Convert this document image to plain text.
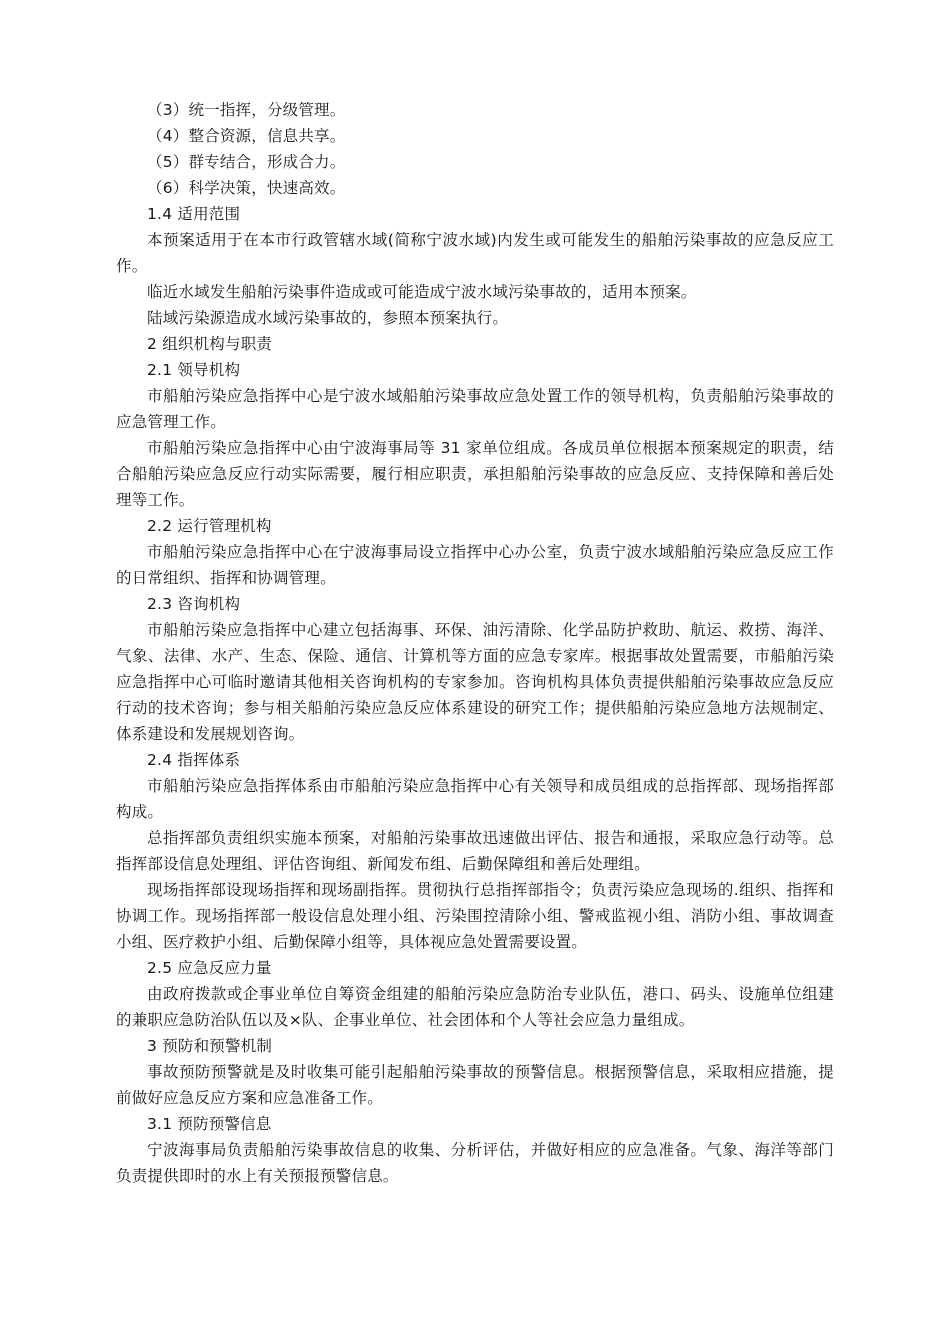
（3）统一指挥，分级管理。

（4）整合资源，信息共享。

（5）群专结合，形成合力。

（6）科学决策，快速高效。

1.4 适用范围

本预案适用于在本市行政管辖水域(简称宁波水域)内发生或可能发生的船舶污染事故的应急反应工作。

临近水域发生船舶污染事件造成或可能造成宁波水域污染事故的，适用本预案。

陆域污染源造成水域污染事故的，参照本预案执行。

2 组织机构与职责

2.1 领导机构

市船舶污染应急指挥中心是宁波水域船舶污染事故应急处置工作的领导机构，负责船舶污染事故的应急管理工作。

市船舶污染应急指挥中心由宁波海事局等 31 家单位组成。各成员单位根据本预案规定的职责，结合船舶污染应急反应行动实际需要，履行相应职责，承担船舶污染事故的应急反应、支持保障和善后处理等工作。

2.2 运行管理机构

市船舶污染应急指挥中心在宁波海事局设立指挥中心办公室，负责宁波水域船舶污染应急反应工作的日常组织、指挥和协调管理。

2.3 咨询机构

市船舶污染应急指挥中心建立包括海事、环保、油污清除、化学品防护救助、航运、救捞、海洋、气象、法律、水产、生态、保险、通信、计算机等方面的应急专家库。根据事故处置需要，市船舶污染应急指挥中心可临时邀请其他相关咨询机构的专家参加。咨询机构具体负责提供船舶污染事故应急反应行动的技术咨询；参与相关船舶污染应急反应体系建设的研究工作；提供船舶污染应急地方法规制定、体系建设和发展规划咨询。

2.4 指挥体系

市船舶污染应急指挥体系由市船舶污染应急指挥中心有关领导和成员组成的总指挥部、现场指挥部构成。

总指挥部负责组织实施本预案，对船舶污染事故迅速做出评估、报告和通报，采取应急行动等。总指挥部设信息处理组、评估咨询组、新闻发布组、后勤保障组和善后处理组。

现场指挥部设现场指挥和现场副指挥。贯彻执行总指挥部指令；负责污染应急现场的.组织、指挥和协调工作。现场指挥部一般设信息处理小组、污染围控清除小组、警戒监视小组、消防小组、事故调查小组、医疗救护小组、后勤保障小组等，具体视应急处置需要设置。

2.5 应急反应力量

由政府拨款或企事业单位自筹资金组建的船舶污染应急防治专业队伍，港口、码头、设施单位组建的兼职应急防治队伍以及×队、企事业单位、社会团体和个人等社会应急力量组成。

3 预防和预警机制

事故预防预警就是及时收集可能引起船舶污染事故的预警信息。根据预警信息，采取相应措施，提前做好应急反应方案和应急准备工作。

3.1 预防预警信息

宁波海事局负责船舶污染事故信息的收集、分析评估，并做好相应的应急准备。气象、海洋等部门负责提供即时的水上有关预报预警信息。
